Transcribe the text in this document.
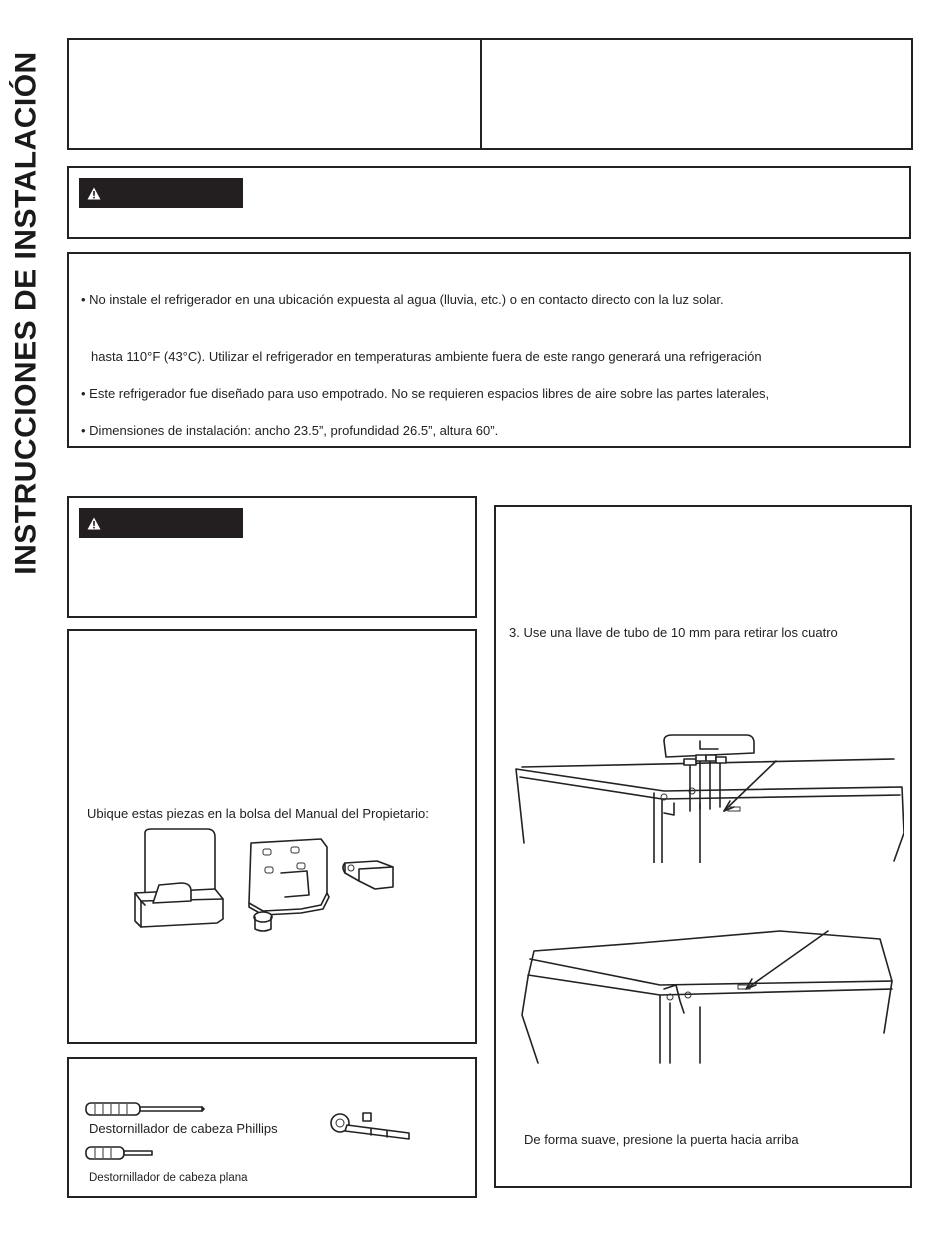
INSTRUCCIONES DE INSTALACIÓN	• No instale el refrigerador en una ubicación expuesta al agua (lluvia, etc.) o en contacto directo con la luz solar.
hasta 110°F (43°C). Utilizar el refrigerador en temperaturas ambiente fuera de este rango generará una refrigeración
• Este refrigerador fue diseñado para uso empotrado. No se requieren espacios libres de aire sobre las partes laterales,
• Dimensiones de instalación: ancho 23.5”, profundidad 26.5”, altura 60”.
Ubique estas piezas en la bolsa del Manual del Propietario:
Destornillador de cabeza Phillips
Destornillador de cabeza plana
3. Use una llave de tubo de 10 mm para retirar los cuatro
De forma suave, presione la puerta hacia arriba
